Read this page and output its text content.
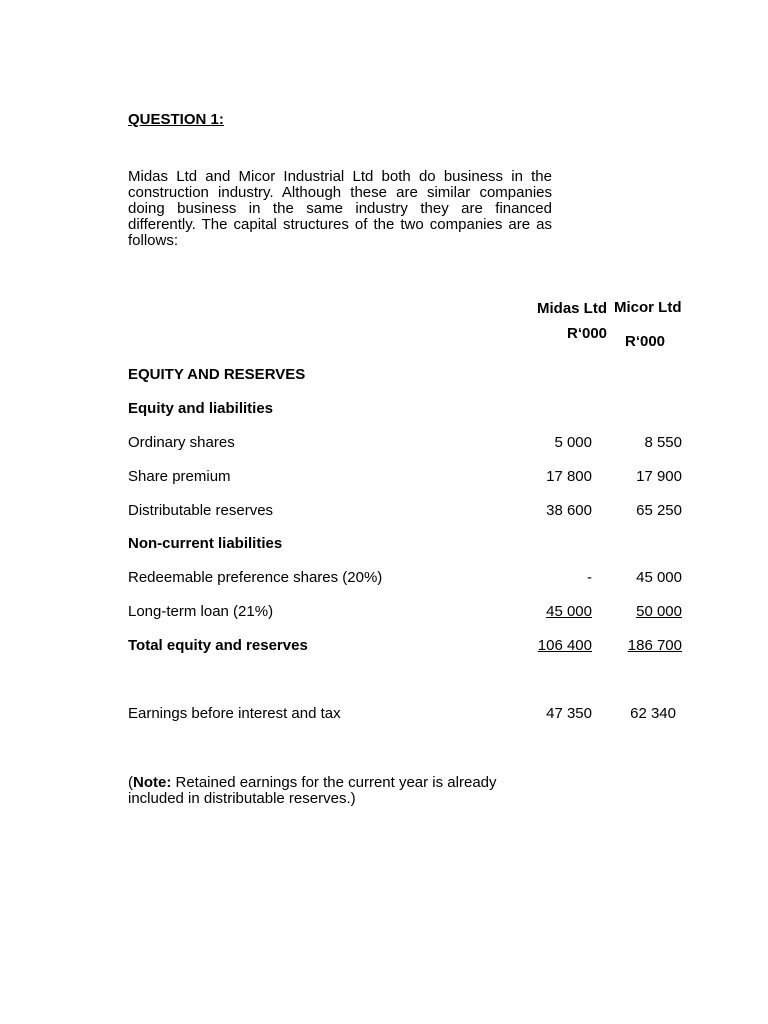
QUESTION 1:
Midas Ltd and Micor Industrial Ltd both do business in the construction industry. Although these are similar companies doing business in the same industry they are financed differently. The capital structures of the two companies are as follows:
Midas Ltd Micor Ltd
R‘000 R‘000
EQUITY AND RESERVES
Equity and liabilities
Ordinary shares	5 000	8 550
Share premium	17 800	17 900
Distributable reserves	38 600	65 250
Non-current liabilities
Redeemable preference shares (20%)	-	45 000
Long-term loan (21%)	45 000	50 000
Total equity and reserves	106 400	186 700
Earnings before interest and tax	47 350	62 340
(Note: Retained earnings for the current year is already included in distributable reserves.)
